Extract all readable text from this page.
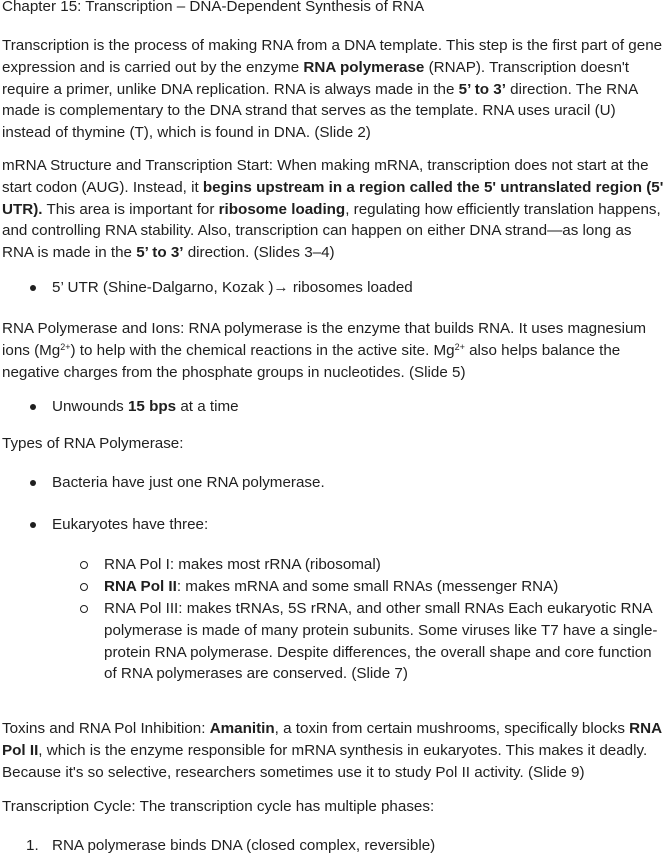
Chapter 15: Transcription – DNA-Dependent Synthesis of RNA

Transcription is the process of making RNA from a DNA template. This step is the first part of gene expression and is carried out by the enzyme RNA polymerase (RNAP). Transcription doesn't require a primer, unlike DNA replication. RNA is always made in the 5’ to 3’ direction. The RNA made is complementary to the DNA strand that serves as the template. RNA uses uracil (U) instead of thymine (T), which is found in DNA. (Slide 2)

mRNA Structure and Transcription Start: When making mRNA, transcription does not start at the start codon (AUG). Instead, it begins upstream in a region called the 5' untranslated region (5' UTR). This area is important for ribosome loading, regulating how efficiently translation happens, and controlling RNA stability. Also, transcription can happen on either DNA strand—as long as RNA is made in the 5’ to 3’ direction. (Slides 3–4)

5’ UTR (Shine-Dalgarno, Kozak )→ ribosomes loaded

RNA Polymerase and Ions: RNA polymerase is the enzyme that builds RNA. It uses magnesium ions $(Mg^{2+})$ to help with the chemical reactions in the active site. $Mg^{2+}$ also helps balance the negative charges from the phosphate groups in nucleotides. (Slide 5)

Unwounds 15 bps at a time

Types of RNA Polymerase:

Bacteria have just one RNA polymerase.

Eukaryotes have three:

RNA Pol I: makes most rRNA (ribosomal)

RNA Pol II: makes mRNA and some small RNAs (messenger RNA)

RNA Pol III: makes tRNAs, 5S rRNA, and other small RNAs Each eukaryotic RNA polymerase is made of many protein subunits. Some viruses like T7 have a single-protein RNA polymerase. Despite differences, the overall shape and core function of RNA polymerases are conserved. (Slide 7)

Toxins and RNA Pol Inhibition: Amanitin, a toxin from certain mushrooms, specifically blocks RNA Pol II, which is the enzyme responsible for mRNA synthesis in eukaryotes. This makes it deadly. Because it's so selective, researchers sometimes use it to study Pol II activity. (Slide 9)

Transcription Cycle: The transcription cycle has multiple phases:

1. RNA polymerase binds DNA (closed complex, reversible)
